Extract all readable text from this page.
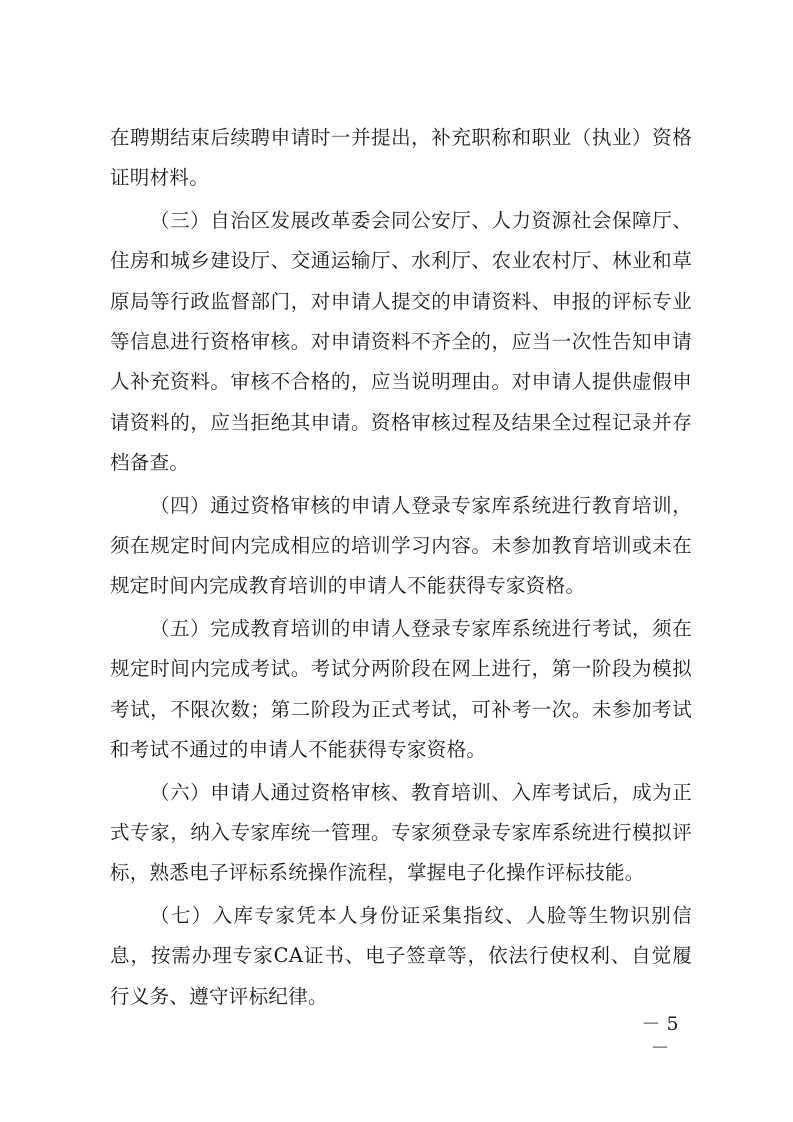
在聘期结束后续聘申请时一并提出，补充职称和职业（执业）资格证明材料。

（三）自治区发展改革委会同公安厅、人力资源社会保障厅、住房和城乡建设厅、交通运输厅、水利厅、农业农村厅、林业和草原局等行政监督部门，对申请人提交的申请资料、申报的评标专业等信息进行资格审核。对申请资料不齐全的，应当一次性告知申请人补充资料。审核不合格的，应当说明理由。对申请人提供虚假申请资料的，应当拒绝其申请。资格审核过程及结果全过程记录并存档备查。

（四）通过资格审核的申请人登录专家库系统进行教育培训，须在规定时间内完成相应的培训学习内容。未参加教育培训或未在规定时间内完成教育培训的申请人不能获得专家资格。

（五）完成教育培训的申请人登录专家库系统进行考试，须在规定时间内完成考试。考试分两阶段在网上进行，第一阶段为模拟考试，不限次数；第二阶段为正式考试，可补考一次。未参加考试和考试不通过的申请人不能获得专家资格。

（六）申请人通过资格审核、教育培训、入库考试后，成为正式专家，纳入专家库统一管理。专家须登录专家库系统进行模拟评标，熟悉电子评标系统操作流程，掌握电子化操作评标技能。

（七）入库专家凭本人身份证采集指纹、人脸等生物识别信息，按需办理专家CA证书、电子签章等，依法行使权利、自觉履行义务、遵守评标纪律。

－ 5 －
